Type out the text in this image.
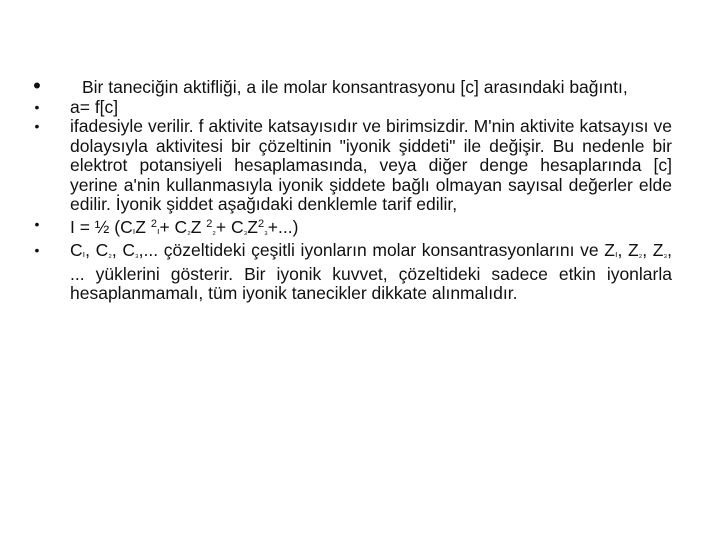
• Bir taneciğin aktifliği, a ile molar konsantrasyonu [c] arasındaki bağıntı,
• a= f[c]
• ifadesiyle verilir. f aktivite katsayısıdır ve birimsizdir. M'nin aktivite katsayısı ve dolaysıyla aktivitesi bir çözeltinin "iyonik şiddeti" ile değişir. Bu nedenle bir elektrot potansiyeli hesaplamasında, veya diğer denge hesaplarında [c] yerine a'nin kullanmasıyla iyonik şiddete bağlı olmayan sayısal değerler elde edilir. İyonik şiddet aşağıdaki denklemle tarif edilir,
• I = ½ (CıZ $^2$ı+ C₂Z $^2_2+ C_3Z^2_3+$...)
• Cı, C₂, C₃,... çözeltideki çeşitli iyonların molar konsantrasyonlarını ve Zı, Z₂, Z₃, ... yüklerini gösterir. Bir iyonik kuvvet, çözeltideki sadece etkin iyonlarla hesaplanmamalı, tüm iyonik tanecikler dikkate alınmalıdır.
